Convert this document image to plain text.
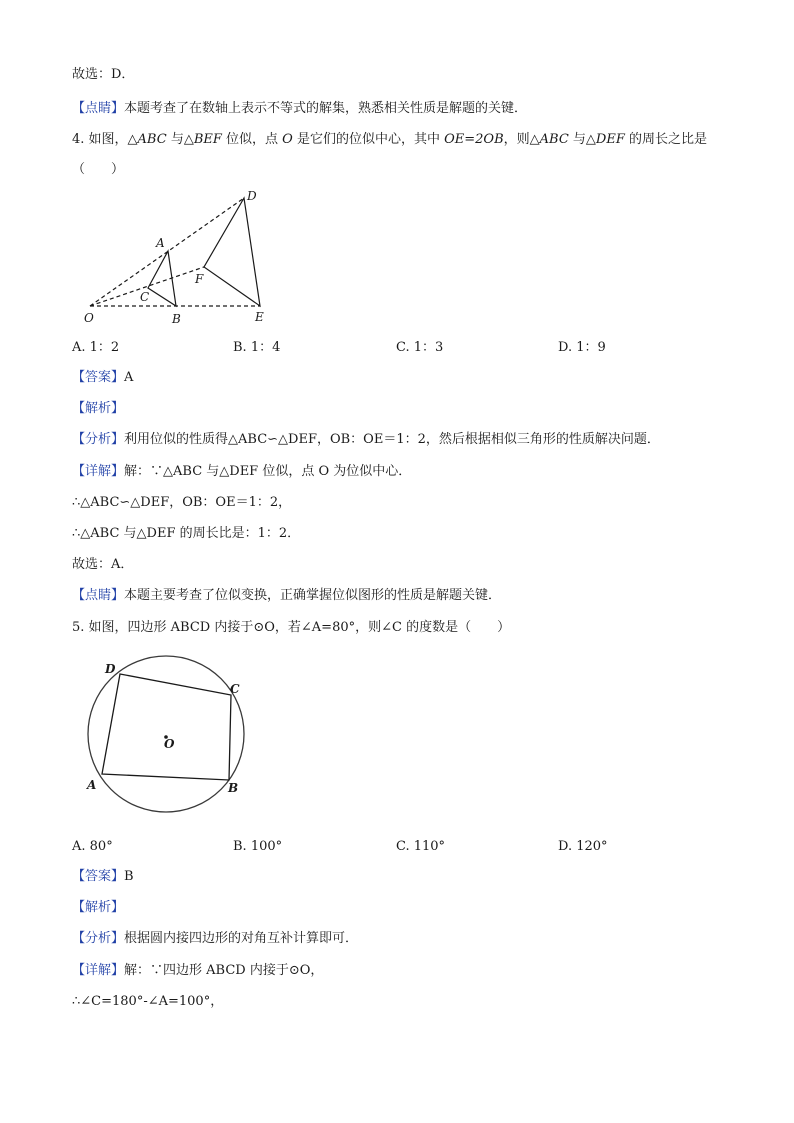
故选：D．
【点睛】本题考查了在数轴上表示不等式的解集，熟悉相关性质是解题的关键．
4. 如图，△ABC 与△BEF 位似，点 O 是它们的位似中心，其中 OE=2OB，则△ABC 与△DEF 的周长之比是
（　　）
D
A
F
C
O	B	E
A. 1：2	B. 1：4	C. 1：3	D. 1：9
【答案】A
【解析】
【分析】利用位似的性质得△ABC∽△DEF，OB：OE＝1：2，然后根据相似三角形的性质解决问题．
【详解】解：∵△ABC 与△DEF 位似，点 O 为位似中心．
∴△ABC∽△DEF，OB：OE＝1：2，
∴△ABC 与△DEF 的周长比是：1：2．
故选：A．
【点睛】本题主要考查了位似变换，正确掌握位似图形的性质是解题关键．
5. 如图，四边形 ABCD 内接于⊙O，若∠A=80°，则∠C 的度数是（　　）
D
C
O
A	B
A. 80°	B. 100°	C. 110°	D. 120°
【答案】B
【解析】
【分析】根据圆内接四边形的对角互补计算即可．
【详解】解：∵四边形 ABCD 内接于⊙O，
∴∠C=180°-∠A=100°，
